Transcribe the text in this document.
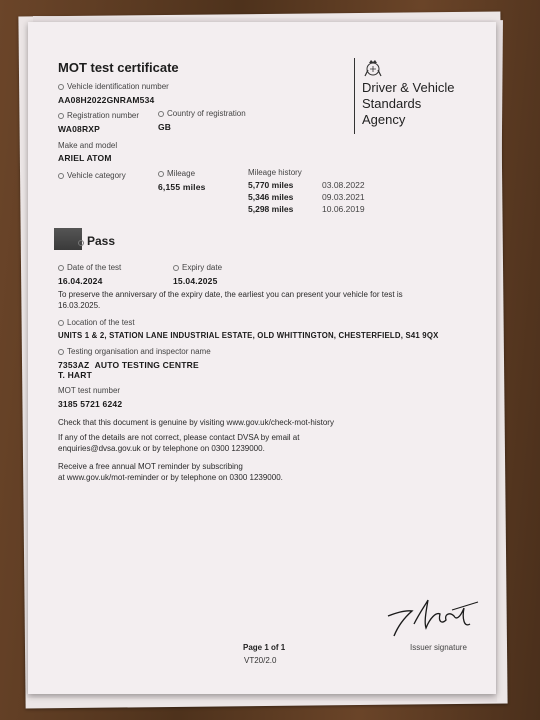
MOT test certificate
Driver & Vehicle
Standards
Agency
Vehicle identification number
AA08H2022GNRAM534
Registration number
WA08RXP
Country of registration
GB
Make and model
ARIEL ATOM
Vehicle category	Mileage
6,155 miles
Mileage history
5,770 miles	03.08.2022
5,346 miles	09.03.2021
5,298 miles	10.06.2019
Pass
Date of the test
16.04.2024
Expiry date
15.04.2025
To preserve the anniversary of the expiry date, the earliest you can present your vehicle for test is
16.03.2025.
Location of the test
UNITS 1 & 2, STATION LANE INDUSTRIAL ESTATE, OLD WHITTINGTON, CHESTERFIELD, S41 9QX
Testing organisation and inspector name
7353AZ AUTO TESTING CENTRE
T. HART
MOT test number
3185 5721 6242
Check that this document is genuine by visiting www.gov.uk/check-mot-history
If any of the details are not correct, please contact DVSA by email at
enquiries@dvsa.gov.uk or by telephone on 0300 1239000.
Receive a free annual MOT reminder by subscribing
at www.gov.uk/mot-reminder or by telephone on 0300 1239000.
Issuer signature
Page 1 of 1
VT20/2.0
